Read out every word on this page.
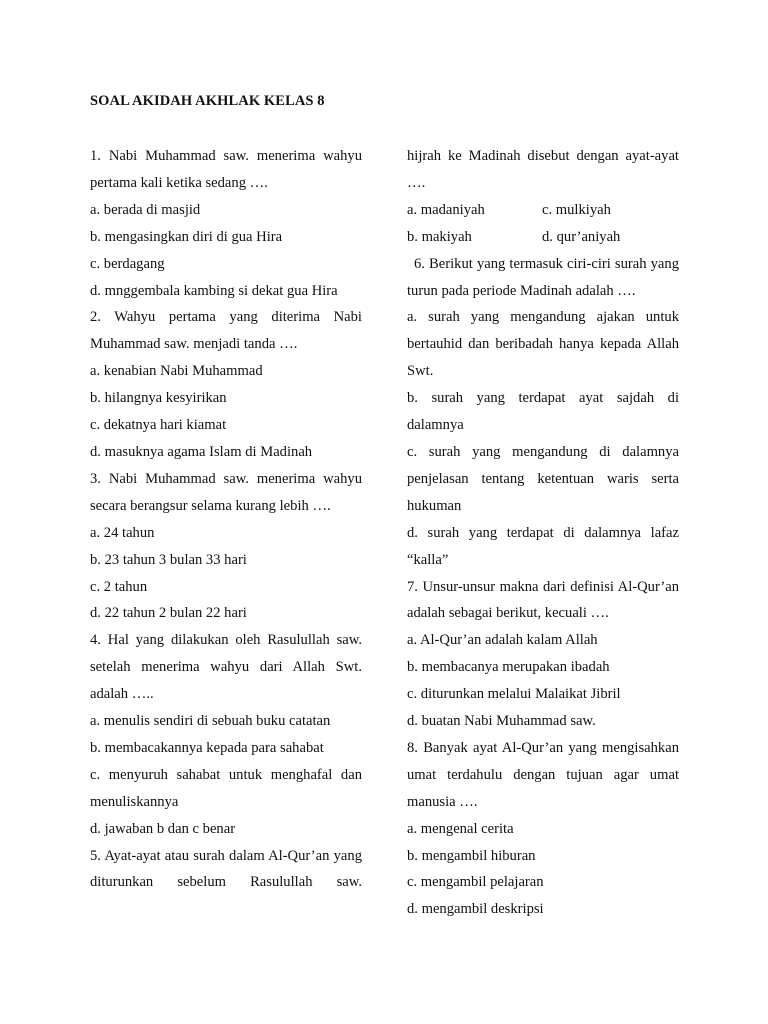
SOAL AKIDAH AKHLAK KELAS 8

1. Nabi Muhammad saw. menerima wahyu pertama kali ketika sedang ….

a. berada di masjid

b. mengasingkan diri di gua Hira

c. berdagang

d. mnggembala kambing si dekat gua Hira

2. Wahyu pertama yang diterima Nabi Muhammad saw. menjadi tanda ….

a. kenabian Nabi Muhammad

b. hilangnya kesyirikan

c. dekatnya hari kiamat

d. masuknya agama Islam di Madinah

3. Nabi Muhammad saw. menerima wahyu secara berangsur selama kurang lebih ….

a. 24 tahun

b. 23 tahun 3 bulan 33 hari

c. 2 tahun

d. 22 tahun 2 bulan 22 hari

4. Hal yang dilakukan oleh Rasulullah saw. setelah menerima wahyu dari Allah Swt. adalah …..

a. menulis sendiri di sebuah buku catatan

b. membacakannya kepada para sahabat

c. menyuruh sahabat untuk menghafal dan menuliskannya

d. jawaban b dan c benar

5. Ayat-ayat atau surah dalam Al-Qur’an yang diturunkan sebelum Rasulullah saw.

hijrah ke Madinah disebut dengan ayat-ayat ….

a. madaniyah	c. mulkiyah
b. makiyah	d. qur’aniyah

6. Berikut yang termasuk ciri-ciri surah yang turun pada periode Madinah adalah ….

a. surah yang mengandung ajakan untuk bertauhid dan beribadah hanya kepada Allah Swt.

b. surah yang terdapat ayat sajdah di dalamnya

c. surah yang mengandung di dalamnya penjelasan tentang ketentuan waris serta hukuman

d. surah yang terdapat di dalamnya lafaz “kalla”

7. Unsur-unsur makna dari definisi Al-Qur’an adalah sebagai berikut, kecuali ….

a. Al-Qur’an adalah kalam Allah

b. membacanya merupakan ibadah

c. diturunkan melalui Malaikat Jibril

d. buatan Nabi Muhammad saw.

8. Banyak ayat Al-Qur’an yang mengisahkan umat terdahulu dengan tujuan agar umat manusia ….

a. mengenal cerita

b. mengambil hiburan

c. mengambil pelajaran

d. mengambil deskripsi
